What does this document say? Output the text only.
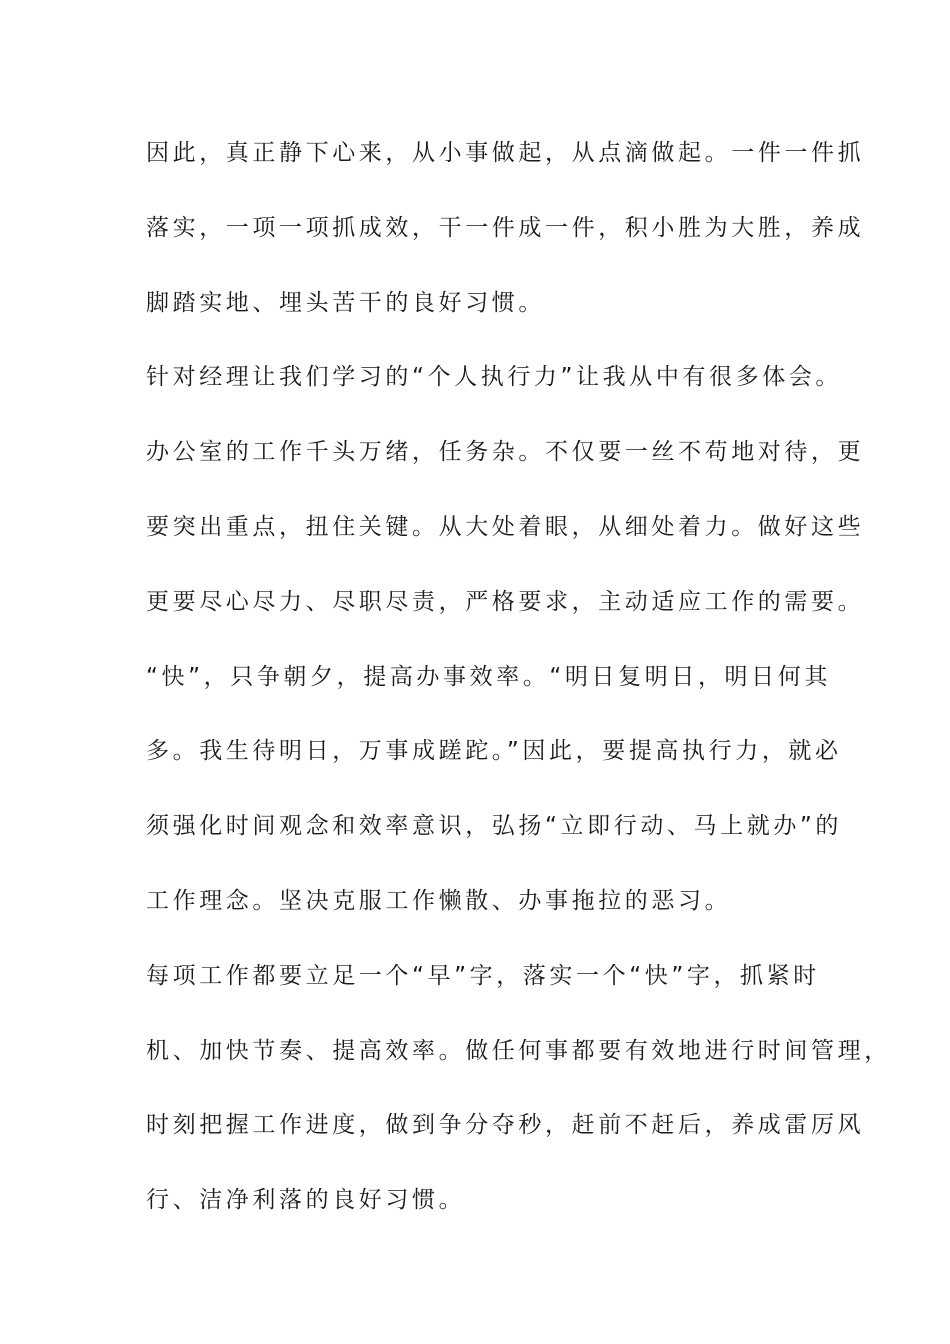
因此，真正静下心来，从小事做起，从点滴做起。一件一件抓
落实，一项一项抓成效，干一件成一件，积小胜为大胜，养成
脚踏实地、埋头苦干的良好习惯。
针对经理让我们学习的“个人执行力”让我从中有很多体会。
办公室的工作千头万绪，任务杂。不仅要一丝不苟地对待，更
要突出重点，扭住关键。从大处着眼，从细处着力。做好这些
更要尽心尽力、尽职尽责，严格要求，主动适应工作的需要。
“快”，只争朝夕，提高办事效率。“明日复明日，明日何其
多。我生待明日，万事成蹉跎。”因此，要提高执行力，就必
须强化时间观念和效率意识，弘扬“立即行动、马上就办”的
工作理念。坚决克服工作懒散、办事拖拉的恶习。
每项工作都要立足一个“早”字，落实一个“快”字，抓紧时
机、加快节奏、提高效率。做任何事都要有效地进行时间管理，
时刻把握工作进度，做到争分夺秒，赶前不赶后，养成雷厉风
行、洁净利落的良好习惯。
